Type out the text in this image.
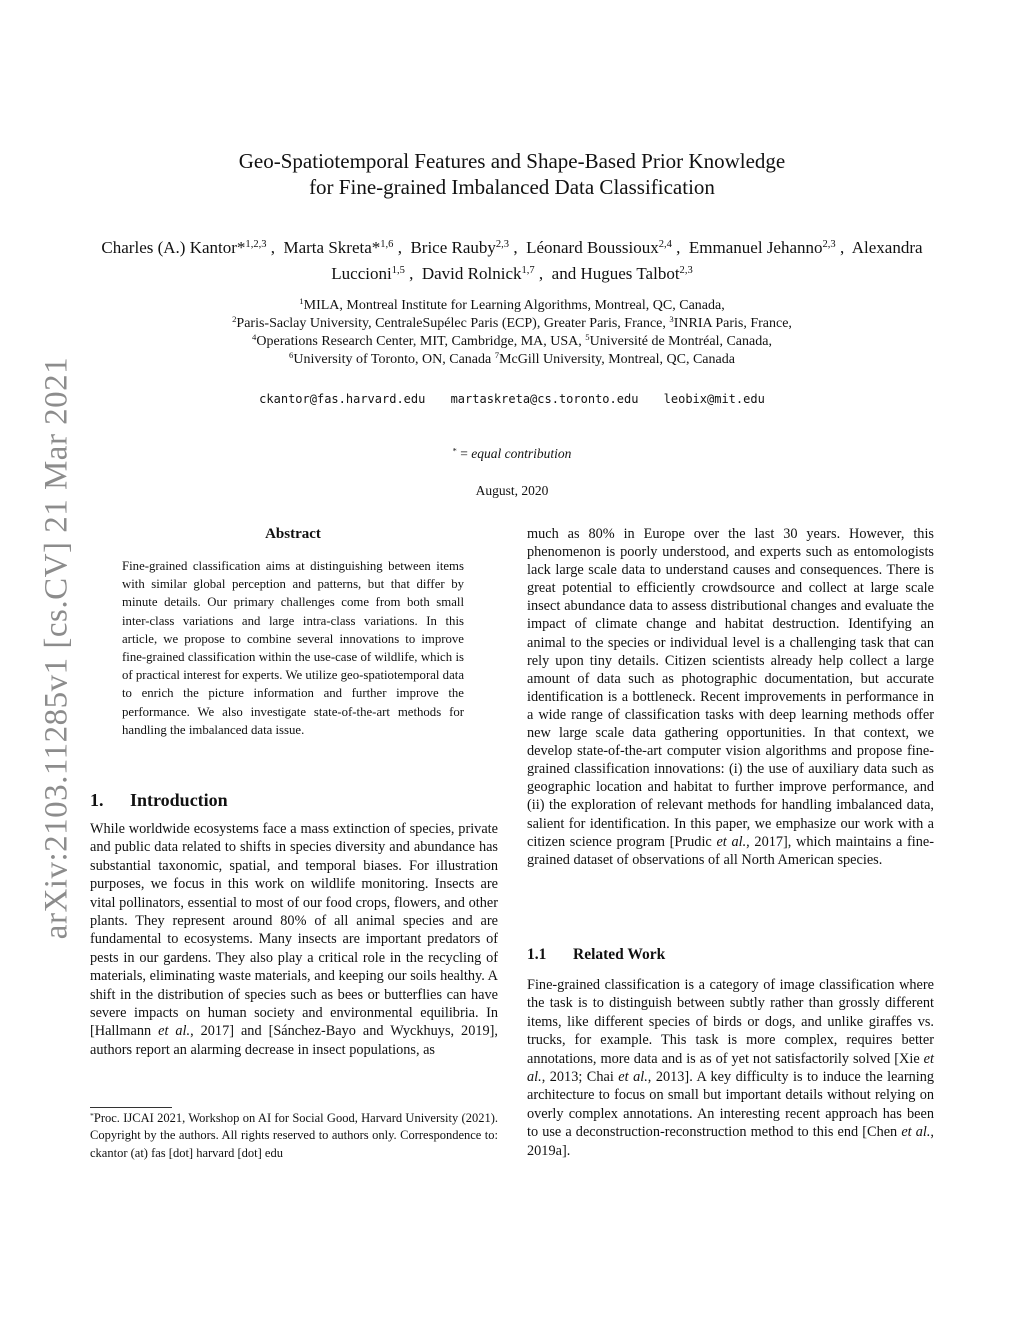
arXiv:2103.11285v1 [cs.CV] 21 Mar 2021
Geo-Spatiotemporal Features and Shape-Based Prior Knowledge
for Fine-grained Imbalanced Data Classification
Charles (A.) Kantor*$^{1,2,3}$ ,  Marta Skreta*$^{1,6}$ ,  Brice Rauby$^{2,3}$ ,  Léonard Boussioux$^{2,4}$ ,  Emmanuel Jehanno$^{2,3}$ ,  Alexandra Luccioni$^{1,5}$ ,  David Rolnick$^{1,7}$ ,  and Hugues Talbot$^{2,3}$
$^1$MILA, Montreal Institute for Learning Algorithms, Montreal, QC, Canada,
$^2$Paris-Saclay University, CentraleSupélec Paris (ECP), Greater Paris, France, $^3$INRIA Paris, France,
$^4$Operations Research Center, MIT, Cambridge, MA, USA, $^5$Université de Montréal, Canada,
$^6$University of Toronto, ON, Canada $^7$McGill University, Montreal, QC, Canada
ckantor@fas.harvard.edu martaskreta@cs.toronto.edu leobix@mit.edu
* = equal contribution
August, 2020
Abstract
Fine-grained classification aims at distinguishing between items with similar global perception and patterns, but that differ by minute details. Our primary challenges come from both small inter-class variations and large intra-class variations. In this article, we propose to combine several innovations to improve fine-grained classification within the use-case of wildlife, which is of practical interest for experts. We utilize geo-spatiotemporal data to enrich the picture information and further improve the performance. We also investigate state-of-the-art methods for handling the imbalanced data issue.
1. Introduction
While worldwide ecosystems face a mass extinction of species, private and public data related to shifts in species diversity and abundance has substantial taxonomic, spatial, and temporal biases. For illustration purposes, we focus in this work on wildlife monitoring. Insects are vital pollinators, essential to most of our food crops, flowers, and other plants. They represent around 80% of all animal species and are fundamental to ecosystems. Many insects are important predators of pests in our gardens. They also play a critical role in the recycling of materials, eliminating waste materials, and keeping our soils healthy. A shift in the distribution of species such as bees or butterflies can have severe impacts on human society and environmental equilibria. In [Hallmann et al., 2017] and [Sánchez-Bayo and Wyckhuys, 2019], authors report an alarming decrease in insect populations, as
*Proc. IJCAI 2021, Workshop on AI for Social Good, Harvard University (2021). Copyright by the authors. All rights reserved to authors only. Correspondence to: ckantor (at) fas [dot] harvard [dot] edu
much as 80% in Europe over the last 30 years. However, this phenomenon is poorly understood, and experts such as entomologists lack large scale data to understand causes and consequences. There is great potential to efficiently crowdsource and collect at large scale insect abundance data to assess distributional changes and evaluate the impact of climate change and habitat destruction. Identifying an animal to the species or individual level is a challenging task that can rely upon tiny details. Citizen scientists already help collect a large amount of data such as photographic documentation, but accurate identification is a bottleneck. Recent improvements in performance in a wide range of classification tasks with deep learning methods offer new large scale data gathering opportunities. In that context, we develop state-of-the-art computer vision algorithms and propose fine-grained classification innovations: (i) the use of auxiliary data such as geographic location and habitat to further improve performance, and (ii) the exploration of relevant methods for handling imbalanced data, salient for identification. In this paper, we emphasize our work with a citizen science program [Prudic et al., 2017], which maintains a fine-grained dataset of observations of all North American species.
1.1 Related Work
Fine-grained classification is a category of image classification where the task is to distinguish between subtly rather than grossly different items, like different species of birds or dogs, and unlike giraffes vs. trucks, for example. This task is more complex, requires better annotations, more data and is as of yet not satisfactorily solved [Xie et al., 2013; Chai et al., 2013]. A key difficulty is to induce the learning architecture to focus on small but important details without relying on overly complex annotations. An interesting recent approach has been to use a deconstruction-reconstruction method to this end [Chen et al., 2019a].
